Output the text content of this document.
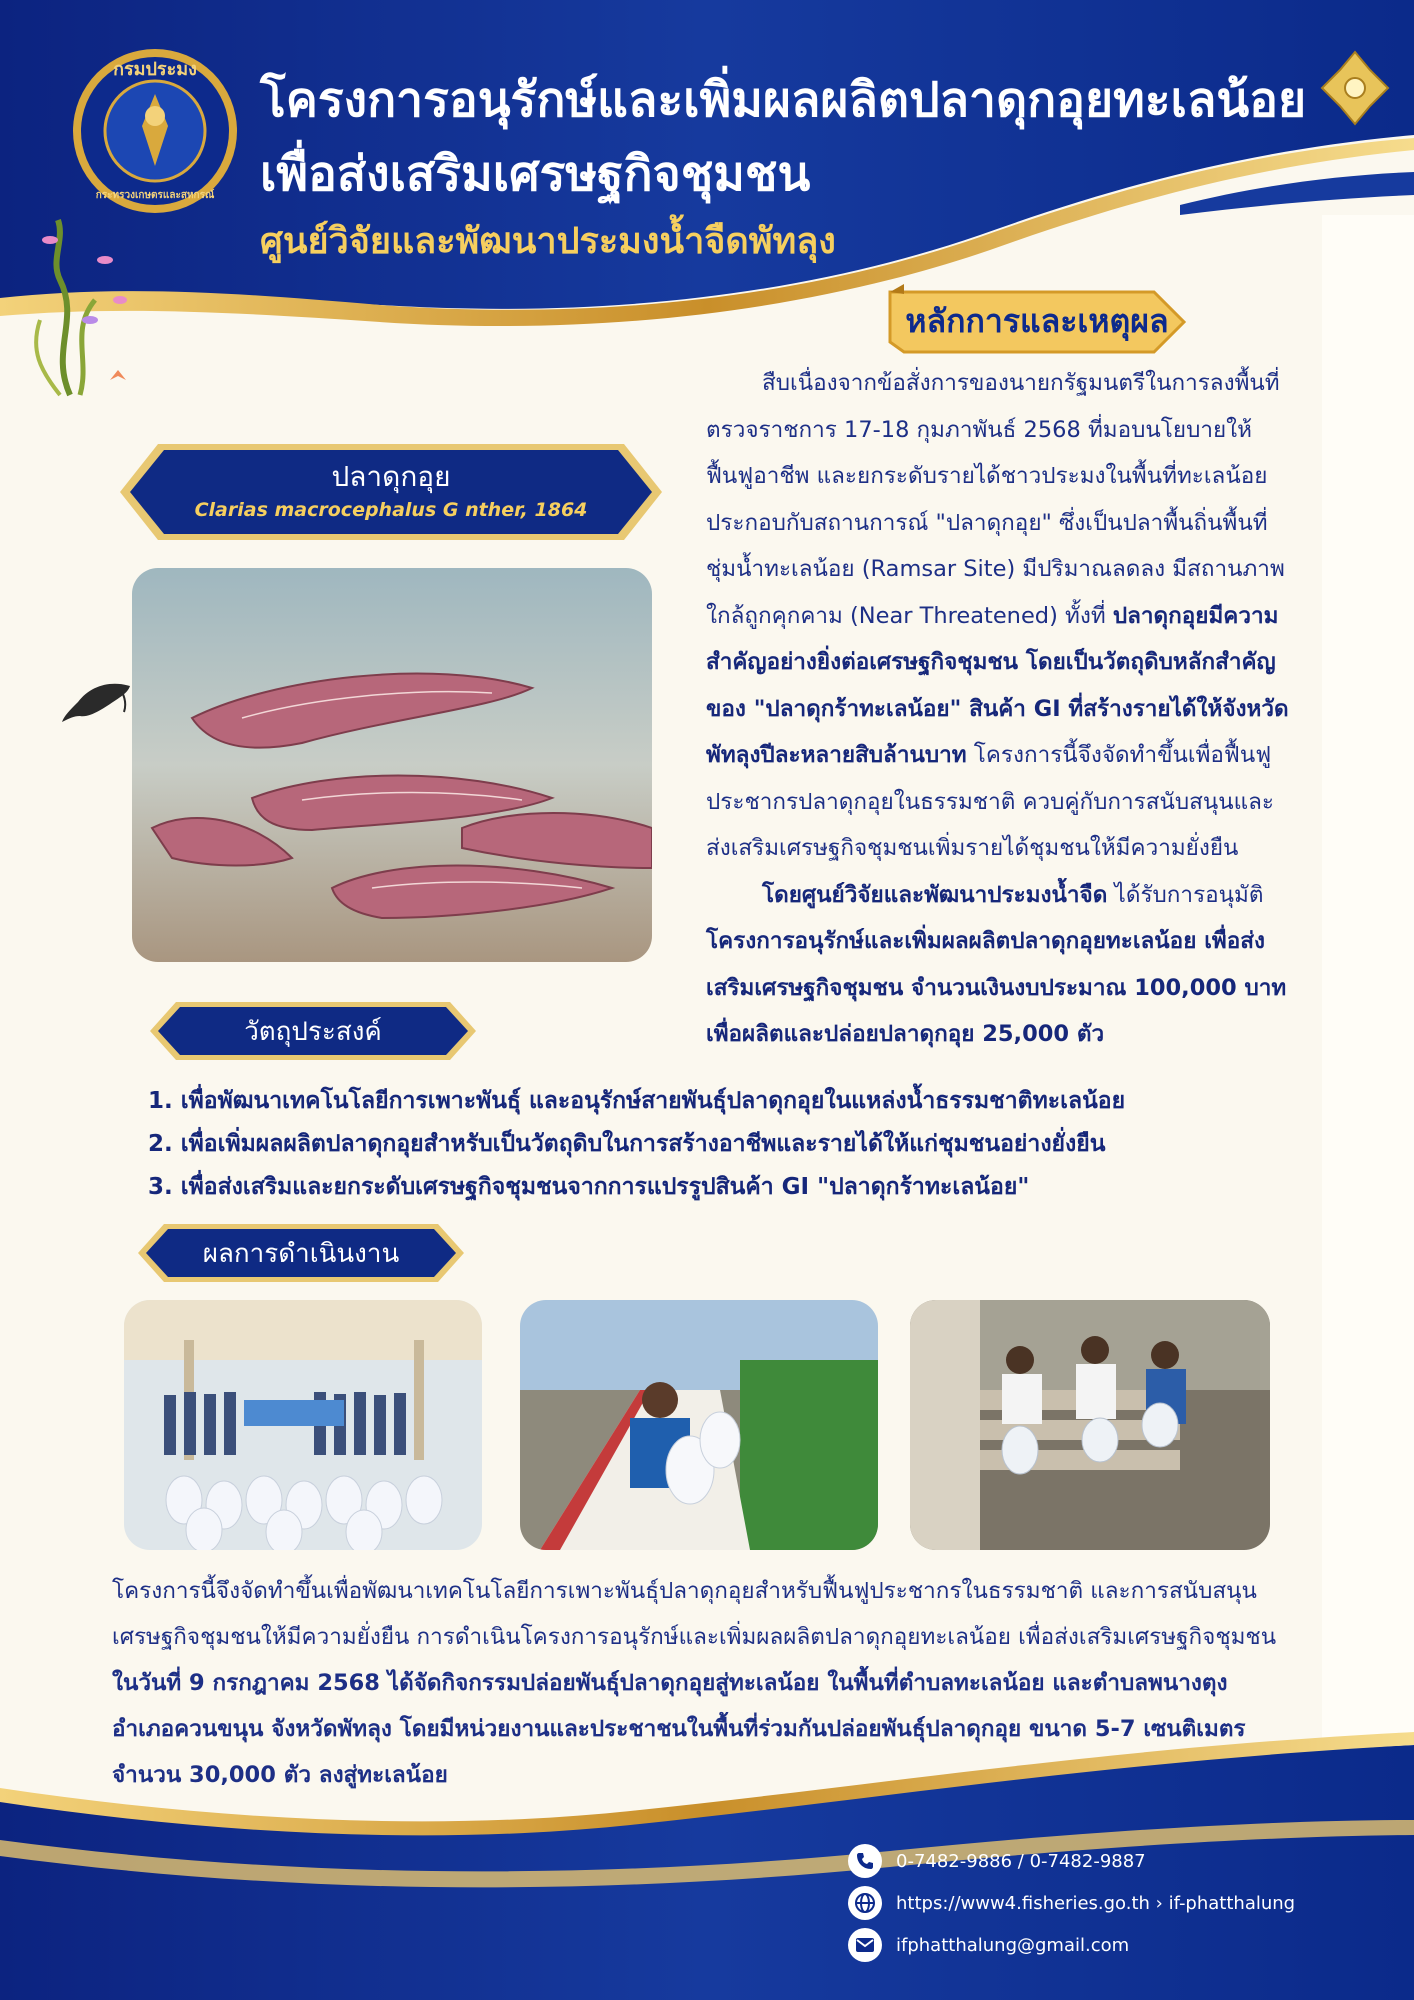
กรมประมง
กระทรวงเกษตรและสหกรณ์
โครงการอนุรักษ์และเพิ่มผลผลิตปลาดุกอุยทะเลน้อย
เพื่อส่งเสริมเศรษฐกิจชุมชน
ศูนย์วิจัยและพัฒนาประมงน้ำจืดพัทลุง
หลักการและเหตุผล
สืบเนื่องจากข้อสั่งการของนายกรัฐมนตรีในการลงพื้นที่
ตรวจราชการ 17-18 กุมภาพันธ์ 2568 ที่มอบนโยบายให้
ฟื้นฟูอาชีพ และยกระดับรายได้ชาวประมงในพื้นที่ทะเลน้อย
ประกอบกับสถานการณ์ "ปลาดุกอุย" ซึ่งเป็นปลาพื้นถิ่นพื้นที่
ชุ่มน้ำทะเลน้อย (Ramsar Site) มีปริมาณลดลง มีสถานภาพ
ใกล้ถูกคุกคาม (Near Threatened) ทั้งที่ ปลาดุกอุยมีความ
สำคัญอย่างยิ่งต่อเศรษฐกิจชุมชน โดยเป็นวัตถุดิบหลักสำคัญ
ของ "ปลาดุกร้าทะเลน้อย" สินค้า GI ที่สร้างรายได้ให้จังหวัด
พัทลุงปีละหลายสิบล้านบาท โครงการนี้จึงจัดทำขึ้นเพื่อฟื้นฟู
ประชากรปลาดุกอุยในธรรมชาติ ควบคู่กับการสนับสนุนและ
ส่งเสริมเศรษฐกิจชุมชนเพิ่มรายได้ชุมชนให้มีความยั่งยืน
โดยศูนย์วิจัยและพัฒนาประมงน้ำจืด ได้รับการอนุมัติ
โครงการอนุรักษ์และเพิ่มผลผลิตปลาดุกอุยทะเลน้อย เพื่อส่ง
เสริมเศรษฐกิจชุมชน จำนวนเงินงบประมาณ 100,000 บาท
เพื่อผลิตและปล่อยปลาดุกอุย 25,000 ตัว
ปลาดุกอุย
Clarias macrocephalus G nther, 1864
วัตถุประสงค์
1. เพื่อพัฒนาเทคโนโลยีการเพาะพันธุ์ และอนุรักษ์สายพันธุ์ปลาดุกอุยในแหล่งน้ำธรรมชาติทะเลน้อย
2. เพื่อเพิ่มผลผลิตปลาดุกอุยสำหรับเป็นวัตถุดิบในการสร้างอาชีพและรายได้ให้แก่ชุมชนอย่างยั่งยืน
3. เพื่อส่งเสริมและยกระดับเศรษฐกิจชุมชนจากการแปรรูปสินค้า GI "ปลาดุกร้าทะเลน้อย"
ผลการดำเนินงาน
โครงการนี้จึงจัดทำขึ้นเพื่อพัฒนาเทคโนโลยีการเพาะพันธุ์ปลาดุกอุยสำหรับฟื้นฟูประชากรในธรรมชาติ และการสนับสนุน
เศรษฐกิจชุมชนให้มีความยั่งยืน การดำเนินโครงการอนุรักษ์และเพิ่มผลผลิตปลาดุกอุยทะเลน้อย เพื่อส่งเสริมเศรษฐกิจชุมชน
ในวันที่ 9 กรกฎาคม 2568 ได้จัดกิจกรรมปล่อยพันธุ์ปลาดุกอุยสู่ทะเลน้อย ในพื้นที่ตำบลทะเลน้อย และตำบลพนางตุง
อำเภอควนขนุน จังหวัดพัทลุง โดยมีหน่วยงานและประชาชนในพื้นที่ร่วมกันปล่อยพันธุ์ปลาดุกอุย ขนาด 5-7 เซนติเมตร
จำนวน 30,000 ตัว ลงสู่ทะเลน้อย
0-7482-9886 / 0-7482-9887
https://www4.fisheries.go.th › if-phatthalung
ifphatthalung@gmail.com
